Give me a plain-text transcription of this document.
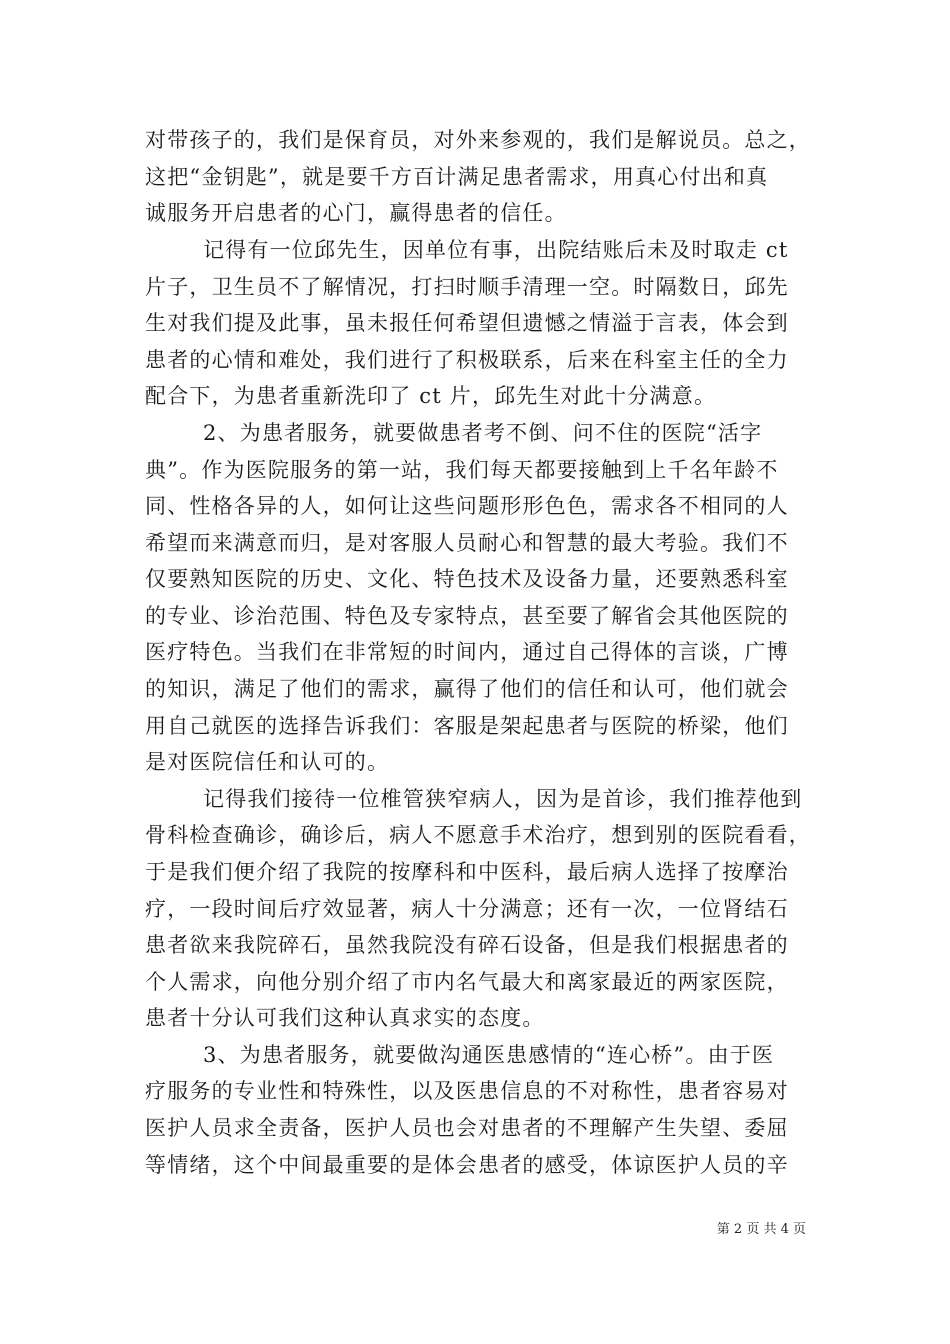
对带孩子的，我们是保育员，对外来参观的，我们是解说员。总之，
这把“金钥匙”，就是要千方百计满足患者需求，用真心付出和真
诚服务开启患者的心门，赢得患者的信任。
记得有一位邱先生，因单位有事，出院结账后未及时取走 ct
片子，卫生员不了解情况，打扫时顺手清理一空。时隔数日，邱先
生对我们提及此事，虽未报任何希望但遗憾之情溢于言表，体会到
患者的心情和难处，我们进行了积极联系，后来在科室主任的全力
配合下，为患者重新洗印了 ct 片，邱先生对此十分满意。
2、为患者服务，就要做患者考不倒、问不住的医院“活字
典”。作为医院服务的第一站，我们每天都要接触到上千名年龄不
同、性格各异的人，如何让这些问题形形色色，需求各不相同的人
希望而来满意而归，是对客服人员耐心和智慧的最大考验。我们不
仅要熟知医院的历史、文化、特色技术及设备力量，还要熟悉科室
的专业、诊治范围、特色及专家特点，甚至要了解省会其他医院的
医疗特色。当我们在非常短的时间内，通过自己得体的言谈，广博
的知识，满足了他们的需求，赢得了他们的信任和认可，他们就会
用自己就医的选择告诉我们：客服是架起患者与医院的桥梁，他们
是对医院信任和认可的。
记得我们接待一位椎管狭窄病人，因为是首诊，我们推荐他到
骨科检查确诊，确诊后，病人不愿意手术治疗，想到别的医院看看，
于是我们便介绍了我院的按摩科和中医科，最后病人选择了按摩治
疗，一段时间后疗效显著，病人十分满意；还有一次，一位肾结石
患者欲来我院碎石，虽然我院没有碎石设备，但是我们根据患者的
个人需求，向他分别介绍了市内名气最大和离家最近的两家医院，
患者十分认可我们这种认真求实的态度。
3、为患者服务，就要做沟通医患感情的“连心桥”。由于医
疗服务的专业性和特殊性，以及医患信息的不对称性，患者容易对
医护人员求全责备，医护人员也会对患者的不理解产生失望、委屈
等情绪，这个中间最重要的是体会患者的感受，体谅医护人员的辛
第 2 页 共 4 页
